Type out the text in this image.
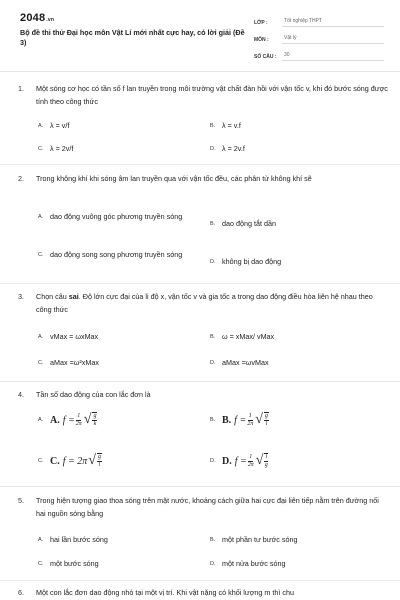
2048.vn
Bộ đề thi thử Đại học môn Vật Lí mới nhất cực hay, có lời giải (Đề 3)
LỚP :	Tốt nghiệp THPT
MÔN :	Vật lý
SỐ CÂU :	30
1. Một sóng cơ học có tần số f lan truyền trong môi trường vật chất đàn hồi với vận tốc v, khi đó bước sóng được tính theo công thức
A. λ = v/f	B. λ = v.f
C. λ = 2v/f	D. λ = 2v.f
2. Trong không khí khi sóng âm lan truyền qua với vận tốc đều, các phân tử không khí sẽ
A. dao động vuông góc phương truyền sóng
B. dao động tắt dần
C. dao động song song phương truyền sóng
D. không bị dao động
3. Chọn câu sai. Độ lớn cực đại của li độ x, vận tốc v và gia tốc a trong dao động điều hòa liên hệ nhau theo công thức
A. vMax = ωxMax	B. ω = xMax/ vMax
C. aMax =ω²xMax	D. aMax =ωvMax
4. Tần số dao động của con lắc đơn là
A. A. $f = \frac{1}{2\pi}$ √ $\frac{g}{k}$	B. B. $f = \frac{1}{2\pi}$ √ $\frac{g}{l}$
C. C. f = 2π √ $\frac{g}{l}$	D. D. $f = \frac{1}{2\pi}$ √ $\frac{l}{g}$
5. Trong hiện tượng giao thoa sóng trên mặt nước, khoảng cách giữa hai cực đại liên tiếp nằm trên đường nối hai nguồn sóng bằng
A. hai lần bước sóng	B. một phần tư bước sóng
C. một bước sóng	D. một nửa bước sóng
6. Một con lắc đơn dao động nhỏ tại một vị trí. Khi vật nặng có khối lượng m thì chu
